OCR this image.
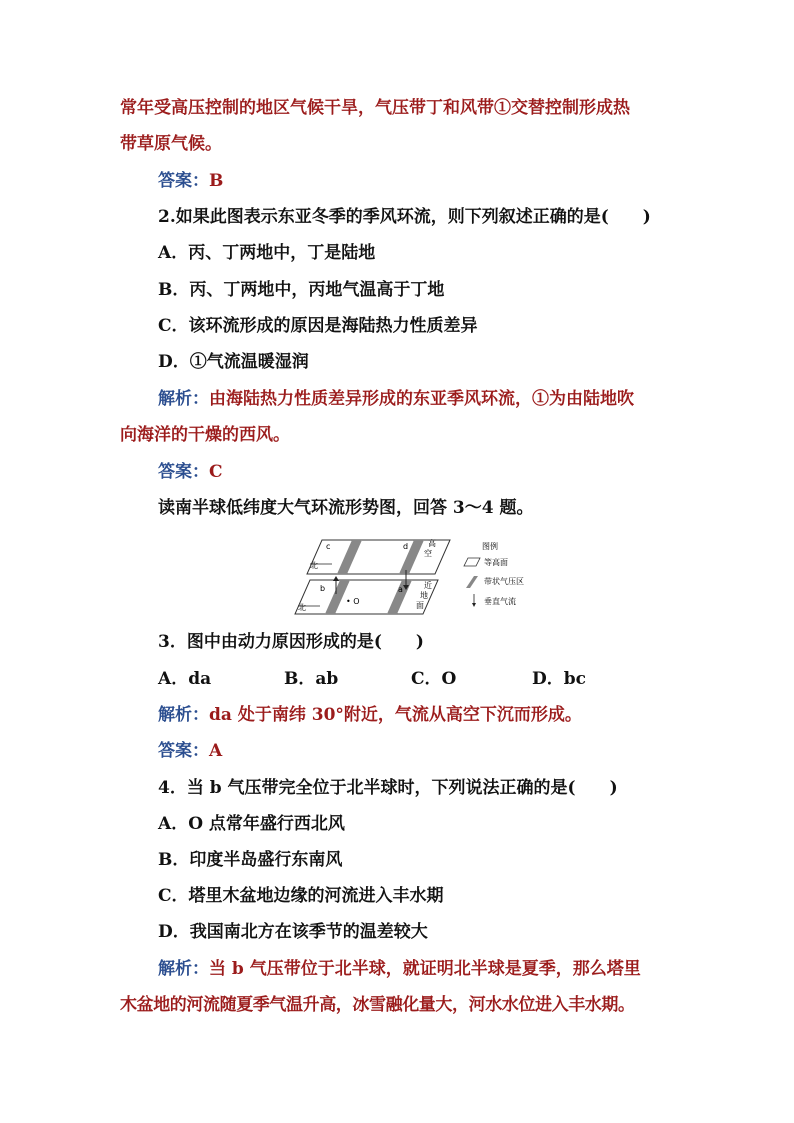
常年受高压控制的地区气候干旱，气压带丁和风带①交替控制形成热
带草原气候。
答案：B
2.如果此图表示东亚冬季的季风环流，则下列叙述正确的是(　　)
A．丙、丁两地中，丁是陆地
B．丙、丁两地中，丙地气温高于丁地
C．该环流形成的原因是海陆热力性质差异
D．①气流温暖湿润
解析：由海陆热力性质差异形成的东亚季风环流，①为由陆地吹
向海洋的干燥的西风。
答案：C
读南半球低纬度大气环流形势图，回答 3～4 题。
c	d
b	a
• O
北
北
高
空
近
地
面
图例
等高面
带状气压区
垂直气流
3．图中由动力原因形成的是(　　)
A．da	B．ab	C．O	D．bc
解析：da 处于南纬 30°附近，气流从高空下沉而形成。
答案：A
4．当 b 气压带完全位于北半球时，下列说法正确的是(　　)
A．O 点常年盛行西北风
B．印度半岛盛行东南风
C．塔里木盆地边缘的河流进入丰水期
D．我国南北方在该季节的温差较大
解析：当 b 气压带位于北半球，就证明北半球是夏季，那么塔里
木盆地的河流随夏季气温升高，冰雪融化量大，河水水位进入丰水期。
